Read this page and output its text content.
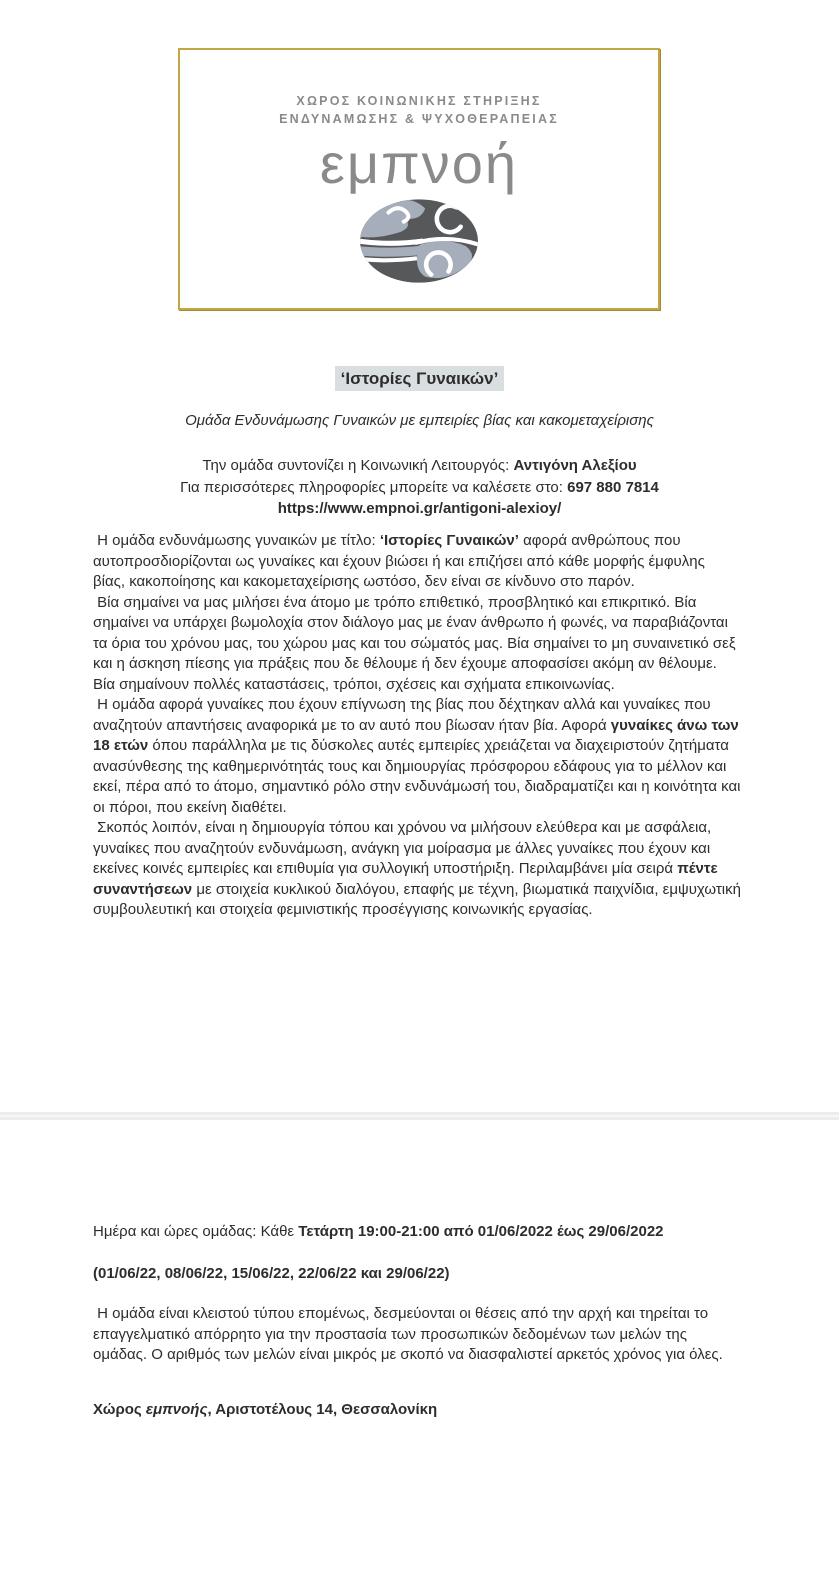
ΧΩΡΟΣ ΚΟΙΝΩΝΙΚΗΣ ΣΤΗΡΙΞΗΣ
ΕΝΔΥΝΑΜΩΣΗΣ & ΨΥΧΟΘΕΡΑΠΕΙΑΣ
εμπνοή
‘Ιστορίες Γυναικών’
Ομάδα Ενδυνάμωσης Γυναικών με εμπειρίες βίας και κακομεταχείρισης

Την ομάδα συντονίζει η Κοινωνική Λειτουργός: Αντιγόνη Αλεξίου

Για περισσότερες πληροφορίες μπορείτε να καλέσετε στο: 697 880 7814

https://www.empnoi.gr/antigoni-alexioy/

Η ομάδα ενδυνάμωσης γυναικών με τίτλο: ‘Ιστορίες Γυναικών’ αφορά ανθρώπους που αυτοπροσδιορίζονται ως γυναίκες και έχουν βιώσει ή και επιζήσει από κάθε μορφής έμφυλης βίας, κακοποίησης και κακομεταχείρισης ωστόσο, δεν είναι σε κίνδυνο στο παρόν.

Βία σημαίνει να μας μιλήσει ένα άτομο με τρόπο επιθετικό, προσβλητικό και επικριτικό. Βία σημαίνει να υπάρχει βωμολοχία στον διάλογο μας με έναν άνθρωπο ή φωνές, να παραβιάζονται τα όρια του χρόνου μας, του χώρου μας και του σώματός μας. Βία σημαίνει το μη συναινετικό σεξ και η άσκηση πίεσης για πράξεις που δε θέλουμε ή δεν έχουμε αποφασίσει ακόμη αν θέλουμε. Βία σημαίνουν πολλές καταστάσεις, τρόποι, σχέσεις και σχήματα επικοινωνίας.

Η ομάδα αφορά γυναίκες που έχουν επίγνωση της βίας που δέχτηκαν αλλά και γυναίκες που αναζητούν απαντήσεις αναφορικά με το αν αυτό που βίωσαν ήταν βία. Αφορά γυναίκες άνω των 18 ετών όπου παράλληλα με τις δύσκολες αυτές εμπειρίες χρειάζεται να διαχειριστούν ζητήματα ανασύνθεσης της καθημερινότητάς τους και δημιουργίας πρόσφορου εδάφους για το μέλλον και εκεί, πέρα από το άτομο, σημαντικό ρόλο στην ενδυνάμωσή του, διαδραματίζει και η κοινότητα και οι πόροι, που εκείνη διαθέτει.

Σκοπός λοιπόν, είναι η δημιουργία τόπου και χρόνου να μιλήσουν ελεύθερα και με ασφάλεια, γυναίκες που αναζητούν ενδυνάμωση, ανάγκη για μοίρασμα με άλλες γυναίκες που έχουν και εκείνες κοινές εμπειρίες και επιθυμία για συλλογική υποστήριξη. Περιλαμβάνει μία σειρά πέντε συναντήσεων με στοιχεία κυκλικού διαλόγου, επαφής με τέχνη, βιωματικά παιχνίδια, εμψυχωτική συμβουλευτική και στοιχεία φεμινιστικής προσέγγισης κοινωνικής εργασίας.

Ημέρα και ώρες ομάδας: Κάθε Τετάρτη 19:00-21:00 από 01/06/2022 έως 29/06/2022
(01/06/22, 08/06/22, 15/06/22, 22/06/22 και 29/06/22)
Η ομάδα είναι κλειστού τύπου επομένως, δεσμεύονται οι θέσεις από την αρχή και τηρείται το επαγγελματικό απόρρητο για την προστασία των προσωπικών δεδομένων των μελών της ομάδας. Ο αριθμός των μελών είναι μικρός με σκοπό να διασφαλιστεί αρκετός χρόνος για όλες.
Χώρος εμπνοής, Αριστοτέλους 14, Θεσσαλονίκη
